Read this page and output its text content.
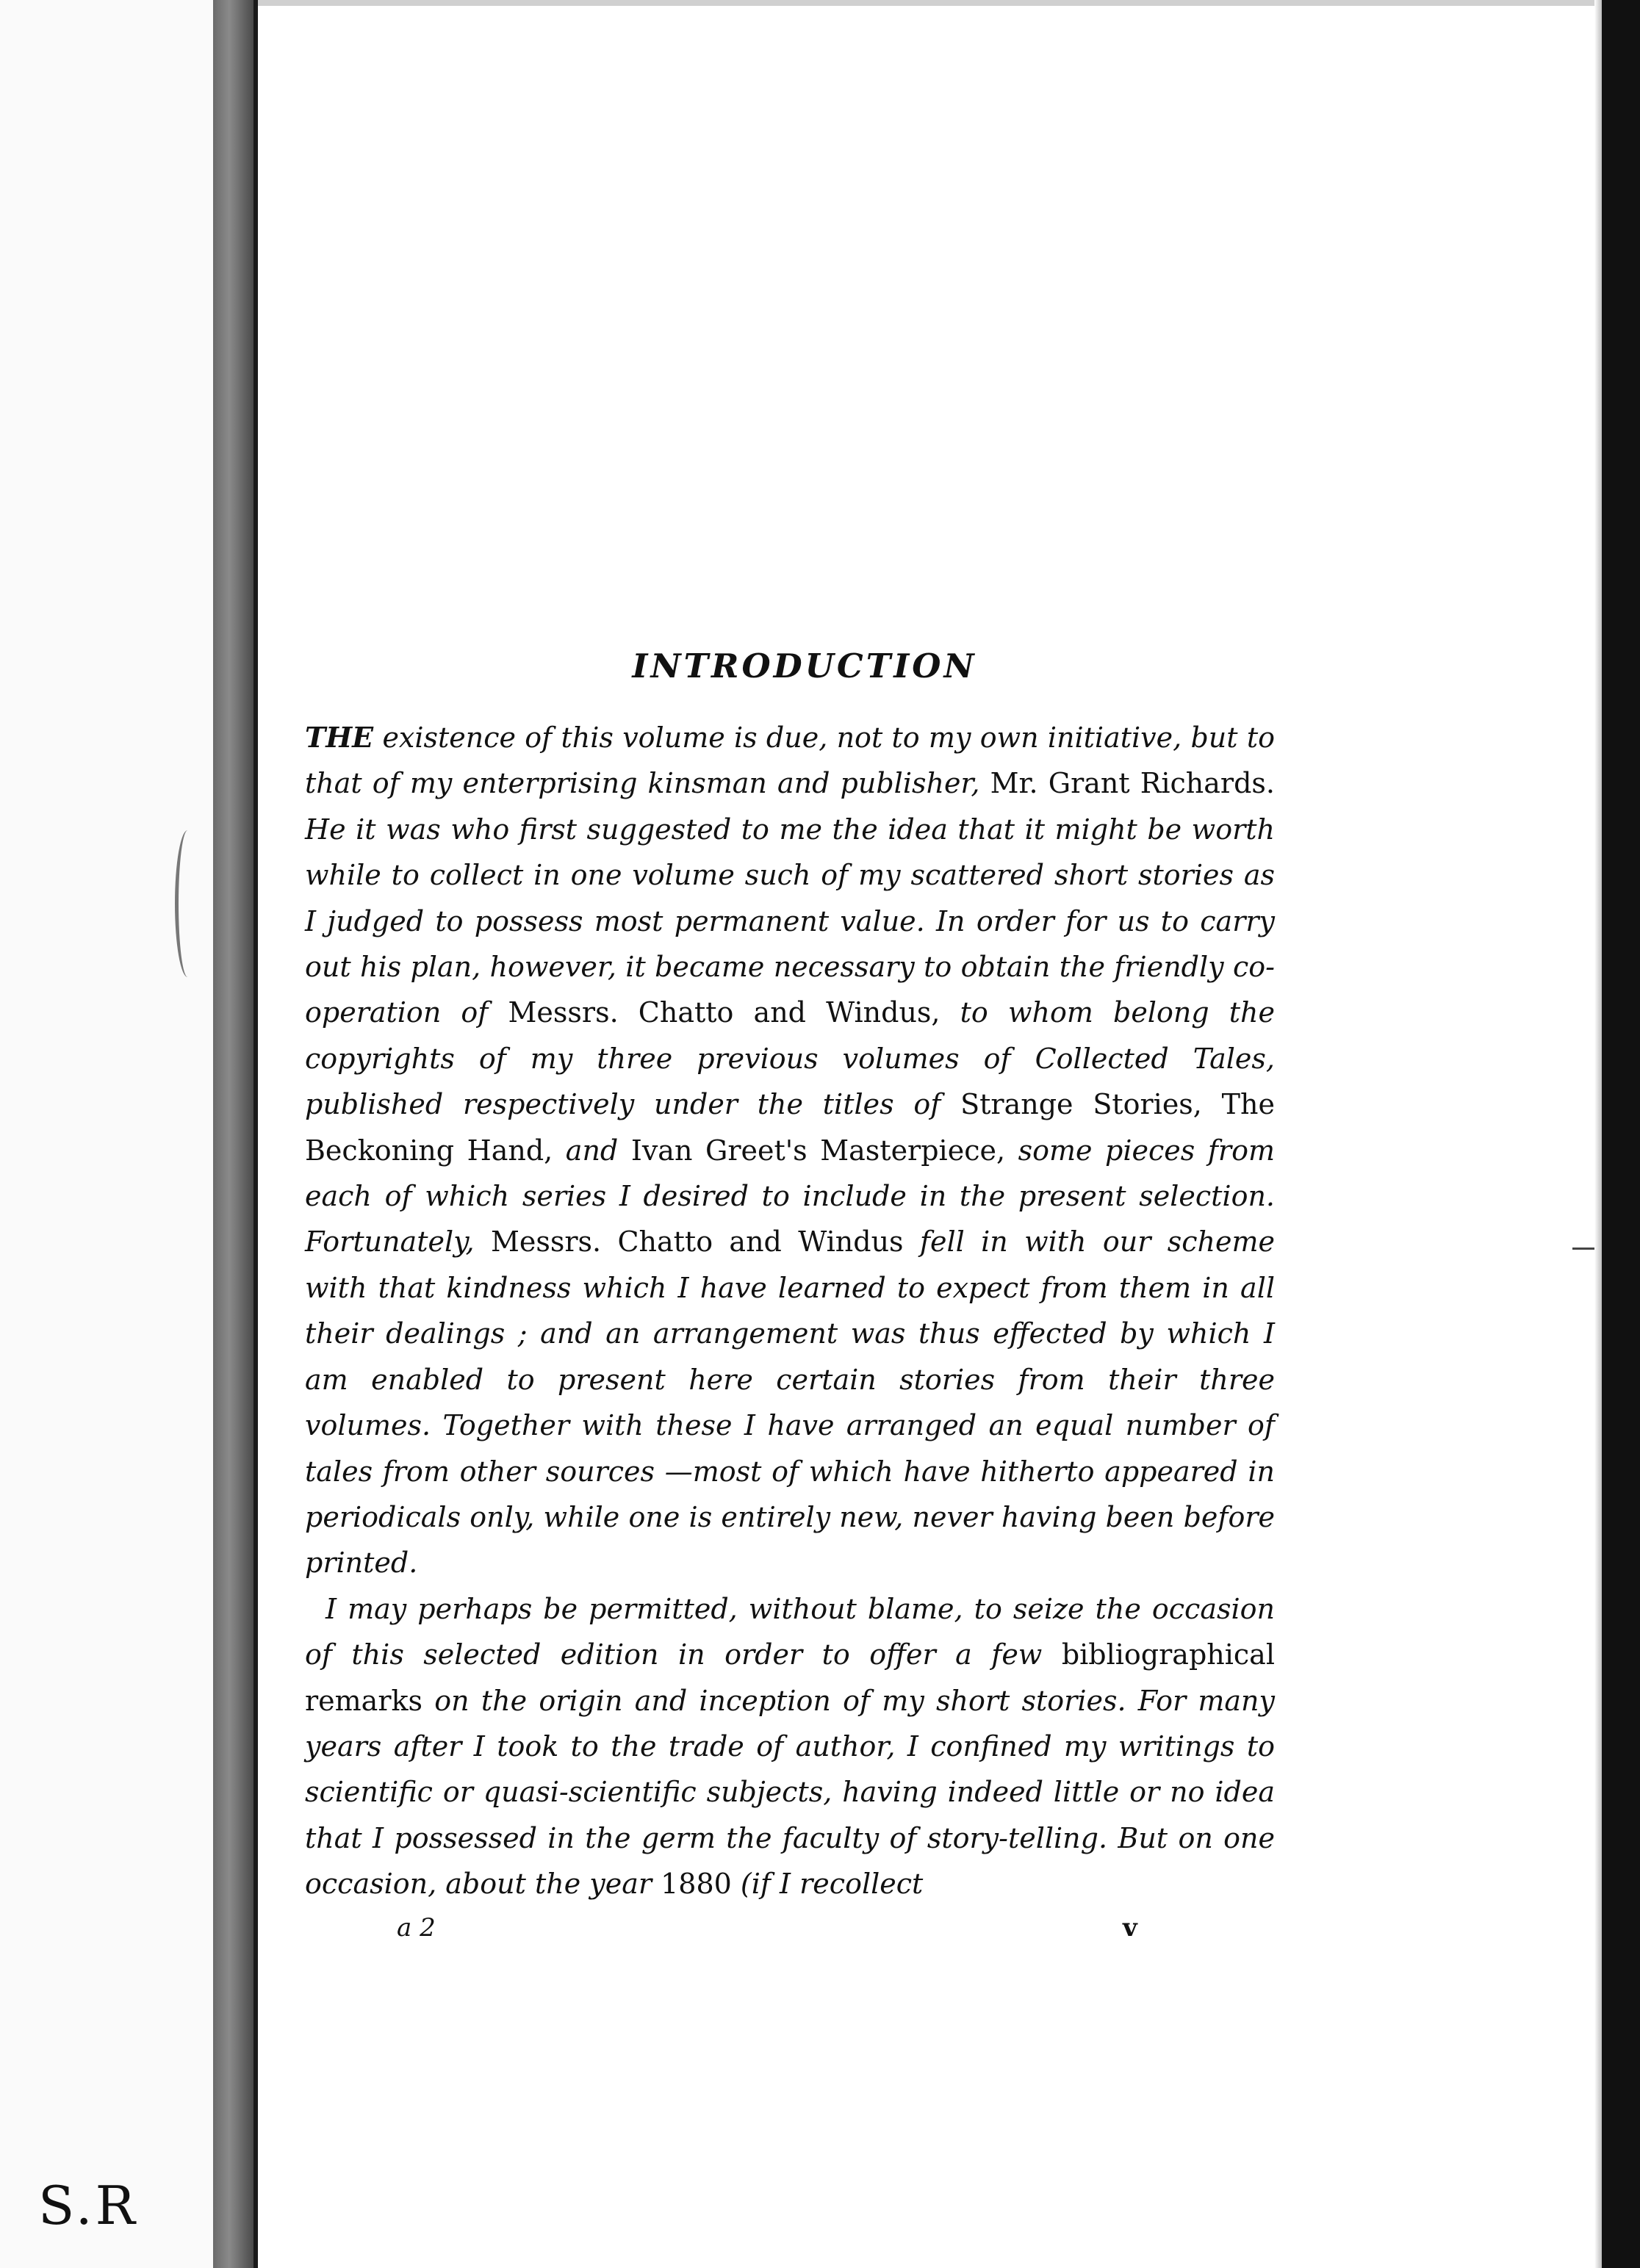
S.R
INTRODUCTION

THE existence of this volume is due, not to my own initiative, but to that of my enterprising kinsman and publisher, Mr. Grant Richards. He it was who first suggested to me the idea that it might be worth while to collect in one volume such of my scattered short stories as I judged to possess most permanent value. In order for us to carry out his plan, however, it became necessary to obtain the friendly co-operation of Messrs. Chatto and Windus, to whom belong the copyrights of my three previous volumes of Collected Tales, published respectively under the titles of Strange Stories, The Beckoning Hand, and Ivan Greet's Masterpiece, some pieces from each of which series I desired to include in the present selection. Fortunately, Messrs. Chatto and Windus fell in with our scheme with that kindness which I have learned to expect from them in all their dealings ; and an arrangement was thus effected by which I am enabled to present here certain stories from their three volumes. Together with these I have arranged an equal number of tales from other sources —most of which have hitherto appeared in periodicals only, while one is entirely new, never having been before printed.

I may perhaps be permitted, without blame, to seize the occasion of this selected edition in order to offer a few bibliographical remarks on the origin and inception of my short stories. For many years after I took to the trade of author, I confined my writings to scientific or quasi-scientific subjects, having indeed little or no idea that I possessed in the germ the faculty of story-telling. But on one occasion, about the year 1880 (if I recollect

a 2	v
